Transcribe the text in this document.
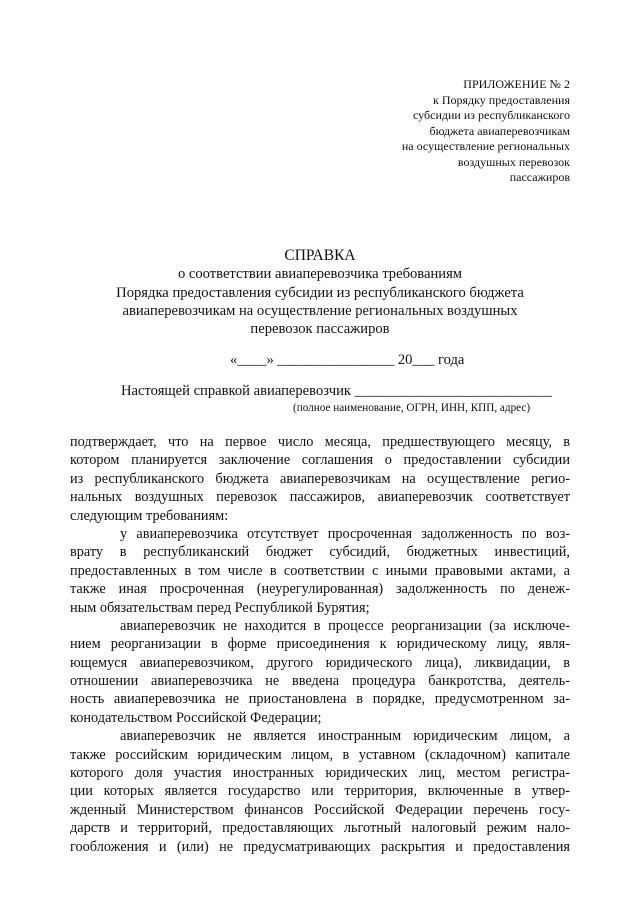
ПРИЛОЖЕНИЕ № 2
к Порядку предоставления
субсидии из республиканского
бюджета авиаперевозчикам
на осуществление региональных
воздушных перевозок
пассажиров
СПРАВКА
о соответствии авиаперевозчика требованиям
Порядка предоставления субсидии из республиканского бюджета
авиаперевозчикам на осуществление региональных воздушных
перевозок пассажиров
«____» ________________ 20___ года
Настоящей справкой авиаперевозчик ___________________________
(полное наименование, ОГРН, ИНН, КПП, адрес)
подтверждает, что на первое число месяца, предшествующего месяцу, в
котором планируется заключение соглашения о предоставлении субсидии
из республиканского бюджета авиаперевозчикам на осуществление регио-
нальных воздушных перевозок пассажиров, авиаперевозчик соответствует
следующим требованиям:
у авиаперевозчика отсутствует просроченная задолженность по воз-
врату в республиканский бюджет субсидий, бюджетных инвестиций,
предоставленных в том числе в соответствии с иными правовыми актами, а
также иная просроченная (неурегулированная) задолженность по денеж-
ным обязательствам перед Республикой Бурятия;
авиаперевозчик не находится в процессе реорганизации (за исключе-
нием реорганизации в форме присоединения к юридическому лицу, явля-
ющемуся авиаперевозчиком, другого юридического лица), ликвидации, в
отношении авиаперевозчика не введена процедура банкротства, деятель-
ность авиаперевозчика не приостановлена в порядке, предусмотренном за-
конодательством Российской Федерации;
авиаперевозчик не является иностранным юридическим лицом, а
также российским юридическим лицом, в уставном (складочном) капитале
которого доля участия иностранных юридических лиц, местом регистра-
ции которых является государство или территория, включенные в утвер-
жденный Министерством финансов Российской Федерации перечень госу-
дарств и территорий, предоставляющих льготный налоговый режим нало-
гообложения и (или) не предусматривающих раскрытия и предоставления
